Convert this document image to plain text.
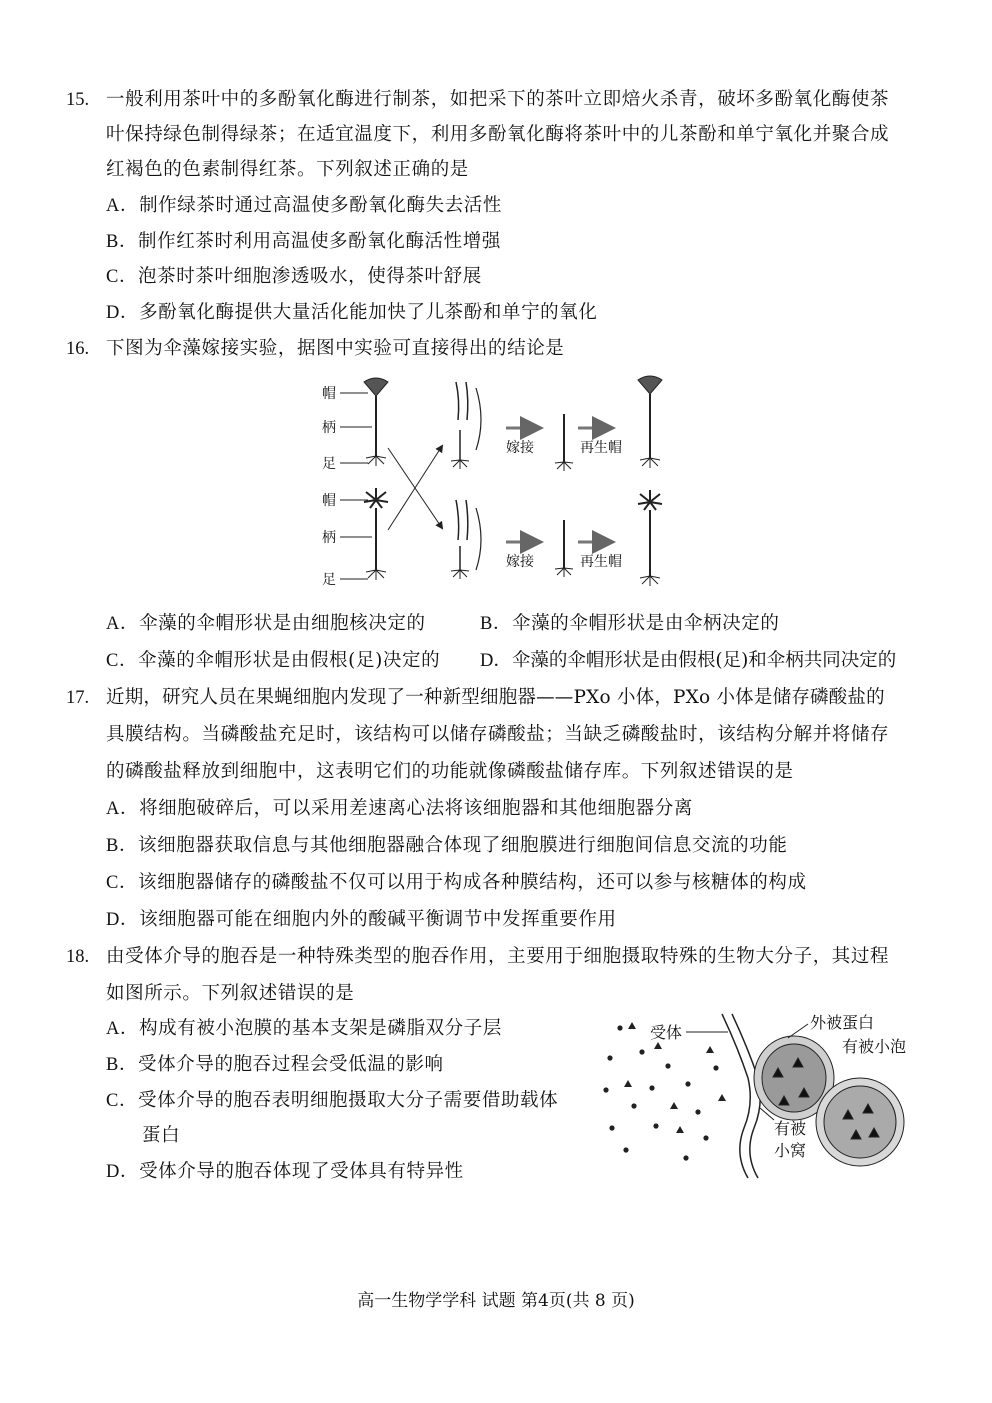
15. 一般利用茶叶中的多酚氧化酶进行制茶，如把采下的茶叶立即焙火杀青，破坏多酚氧化酶使茶
叶保持绿色制得绿茶；在适宜温度下，利用多酚氧化酶将茶叶中的儿茶酚和单宁氧化并聚合成
红褐色的色素制得红茶。下列叙述正确的是
A．制作绿茶时通过高温使多酚氧化酶失去活性
B．制作红茶时利用高温使多酚氧化酶活性增强
C．泡茶时茶叶细胞渗透吸水，使得茶叶舒展
D．多酚氧化酶提供大量活化能加快了儿茶酚和单宁的氧化
16. 下图为伞藻嫁接实验，据图中实验可直接得出的结论是
帽
柄
足
帽
柄
足
嫁接	再生帽
嫁接	再生帽
A．伞藻的伞帽形状是由细胞核决定的	B．伞藻的伞帽形状是由伞柄决定的
C．伞藻的伞帽形状是由假根(足)决定的 D．伞藻的伞帽形状是由假根(足)和伞柄共同决定的
17. 近期，研究人员在果蝇细胞内发现了一种新型细胞器——PXo 小体，PXo 小体是储存磷酸盐的
具膜结构。当磷酸盐充足时，该结构可以储存磷酸盐；当缺乏磷酸盐时，该结构分解并将储存
的磷酸盐释放到细胞中，这表明它们的功能就像磷酸盐储存库。下列叙述错误的是
A．将细胞破碎后，可以采用差速离心法将该细胞器和其他细胞器分离
B．该细胞器获取信息与其他细胞器融合体现了细胞膜进行细胞间信息交流的功能
C．该细胞器储存的磷酸盐不仅可以用于构成各种膜结构，还可以参与核糖体的构成
D．该细胞器可能在细胞内外的酸碱平衡调节中发挥重要作用
18. 由受体介导的胞吞是一种特殊类型的胞吞作用，主要用于细胞摄取特殊的生物大分子，其过程
如图所示。下列叙述错误的是
A．构成有被小泡膜的基本支架是磷脂双分子层
B．受体介导的胞吞过程会受低温的影响
C．受体介导的胞吞表明细胞摄取大分子需要借助载体
蛋白
D．受体介导的胞吞体现了受体具有特异性
受体
外被蛋白
有被小泡
有被
小窝
高一生物学学科 试题 第4页(共 8 页)
